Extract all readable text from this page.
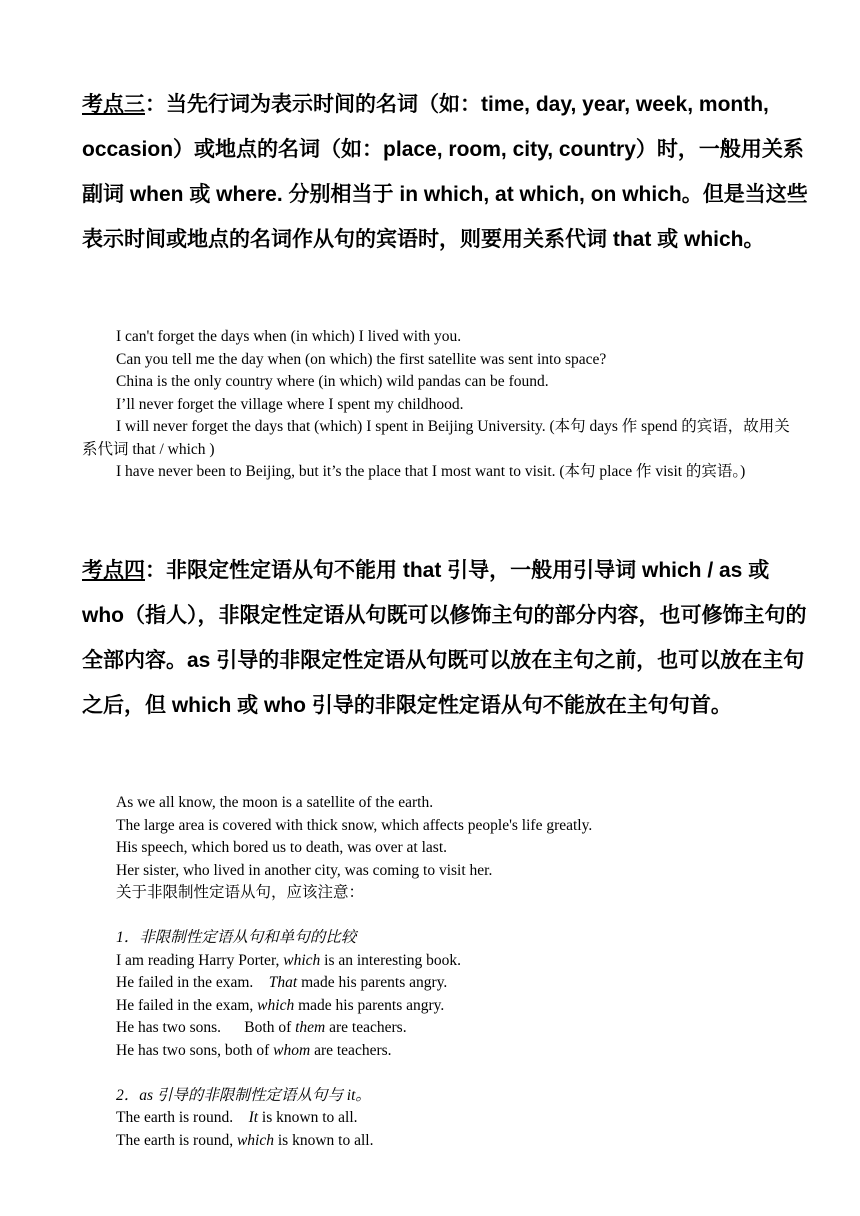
考点三：当先行词为表示时间的名词（如：time, day, year, week, month, occasion）或地点的名词（如：place, room, city, country）时，一般用关系副词 when 或 where. 分别相当于 in which, at which, on which。但是当这些表示时间或地点的名词作从句的宾语时，则要用关系代词 that 或 which。
I can't forget the days when (in which) I lived with you.
Can you tell me the day when (on which) the first satellite was sent into space?
China is the only country where (in which) wild pandas can be found.
I’ll never forget the village where I spent my childhood.
I will never forget the days that (which) I spent in Beijing University. (本句 days 作 spend 的宾语，故用关系代词 that / which )
I have never been to Beijing, but it’s the place that I most want to visit. (本句 place 作 visit 的宾语。)
考点四：非限定性定语从句不能用 that 引导，一般用引导词 which / as 或 who（指人），非限定性定语从句既可以修饰主句的部分内容，也可修饰主句的全部内容。as 引导的非限定性定语从句既可以放在主句之前，也可以放在主句之后，但 which 或 who 引导的非限定性定语从句不能放在主句句首。
As we all know, the moon is a satellite of the earth.
The large area is covered with thick snow, which affects people's life greatly.
His speech, which bored us to death, was over at last.
Her sister, who lived in another city, was coming to visit her.
关于非限制性定语从句，应该注意：
1．非限制性定语从句和单句的比较
I am reading Harry Porter, which is an interesting book.
He failed in the exam.    That made his parents angry.
He failed in the exam, which made his parents angry.
He has two sons.      Both of them are teachers.
He has two sons, both of whom are teachers.
2．as 引导的非限制性定语从句与 it。
The earth is round.    It is known to all.
The earth is round, which is known to all.
